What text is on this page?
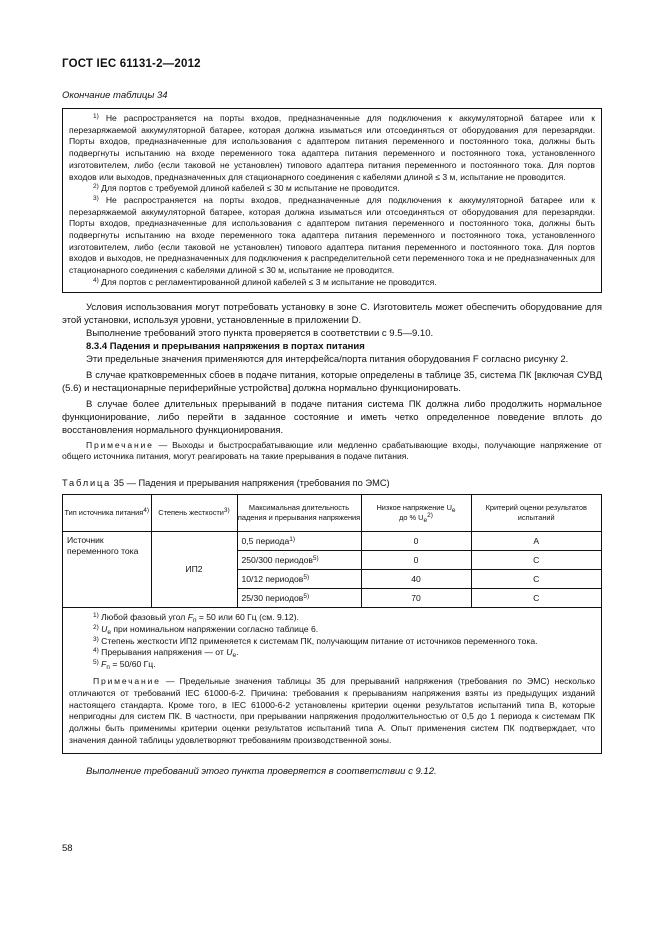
ГОСТ IEC 61131-2—2012
Окончание таблицы 34

$^{1)}$ Не распространяется на порты входов, предназначенные для подключения к аккумуляторной батарее или к перезаряжаемой аккумуляторной батарее, которая должна изыматься или отсоединяться от оборудования для перезарядки. Порты входов, предназначенные для использования с адаптером питания переменного и постоянного тока, должны быть подвергнуты испытанию на входе переменного тока адаптера питания переменного и постоянного тока, установленного изготовителем, либо (если таковой не установлен) типового адаптера питания переменного и постоянного тока. Для портов входов или выходов, предназначенных для стационарного соединения с кабелями длиной ≤ 3 м, испытание не проводится.

$^{2)}$ Для портов с требуемой длиной кабелей ≤ 30 м испытание не проводится.

$^{3)}$ Не распространяется на порты входов, предназначенные для подключения к аккумуляторной батарее или к перезаряжаемой аккумуляторной батарее, которая должна изыматься или отсоединяться от оборудования для перезарядки. Порты входов, предназначенные для использования с адаптером питания переменного и постоянного тока, должны быть подвергнуты испытанию на входе переменного тока адаптера питания переменного и постоянного тока, установленного изготовителем, либо (если таковой не установлен) типового адаптера питания переменного и постоянного тока. Для портов входов и выходов, не предназначенных для подключения к распределительной сети переменного тока и не предназначенных для стационарного соединения с кабелями длиной ≤ 30 м, испытание не проводится.

$^{4)}$ Для портов с регламентированной длиной кабелей ≤ 3 м испытание не проводится.

Условия использования могут потребовать установку в зоне C. Изготовитель может обеспечить оборудование для этой установки, используя уровни, установленные в приложении D.

Выполнение требований этого пункта проверяется в соответствии с 9.5—9.10.

8.3.4 Падения и прерывания напряжения в портах питания

Эти предельные значения применяются для интерфейса/порта питания оборудования F согласно рисунку 2.

В случае кратковременных сбоев в подаче питания, которые определены в таблице 35, система ПК [включая СУВД (5.6) и нестационарные периферийные устройства] должна нормально функционировать.

В случае более длительных прерываний в подаче питания система ПК должна либо продолжить нормальное функционирование, либо перейти в заданное состояние и иметь четко определенное поведение вплоть до восстановления нормального функционирования.

Примечание — Выходы и быстросрабатывающие или медленно срабатывающие входы, получающие напряжение от общего источника питания, могут реагировать на такие прерывания в подаче питания.

Таблица 35 — Падения и прерывания напряжения (требования по ЭМС)
Тип источника питания$^{4)}$	Степень жесткости$^{3)}$	Максимальная длительность падения и прерывания напряжения	Низкое напряжение $U_e$
до % $U_e^{2)}$	Критерий оценки результатов испытаний
Источник переменного тока	ИП2	0,5 периода$^{1)}$	0	A
		250/300 периодов$^{5)}$	0	C
		10/12 периодов$^{5)}$	40	C
		25/30 периодов$^{5)}$	70	C

$^{1)}$ Любой фазовый угол $F_п = 50$ или 60 Гц (см. 9.12).

$^{2)}$ $U_e$ при номинальном напряжении согласно таблице 6.

$^{3)}$ Степень жесткости ИП2 применяется к системам ПК, получающим питание от источников переменного тока.

$^{4)}$ Прерывания напряжения — от $U_e$.

$^{5)}$ $F_п = 50/60$ Гц.

Примечание — Предельные значения таблицы 35 для прерываний напряжения (требования по ЭМС) несколько отличаются от требований IEC 61000-6-2. Причина: требования к прерываниям напряжения взяты из предыдущих изданий настоящего стандарта. Кроме того, в IEC 61000-6-2 установлены критерии оценки результатов испытаний типа B, которые непригодны для систем ПК. В частности, при прерывании напряжения продолжительностью от 0,5 до 1 периода к системам ПК должны быть применимы критерии оценки результатов испытаний типа A. Опыт применения систем ПК подтверждает, что значения данной таблицы удовлетворяют требованиям производственной зоны.

Выполнение требований этого пункта проверяется в соответствии с 9.12.
58
